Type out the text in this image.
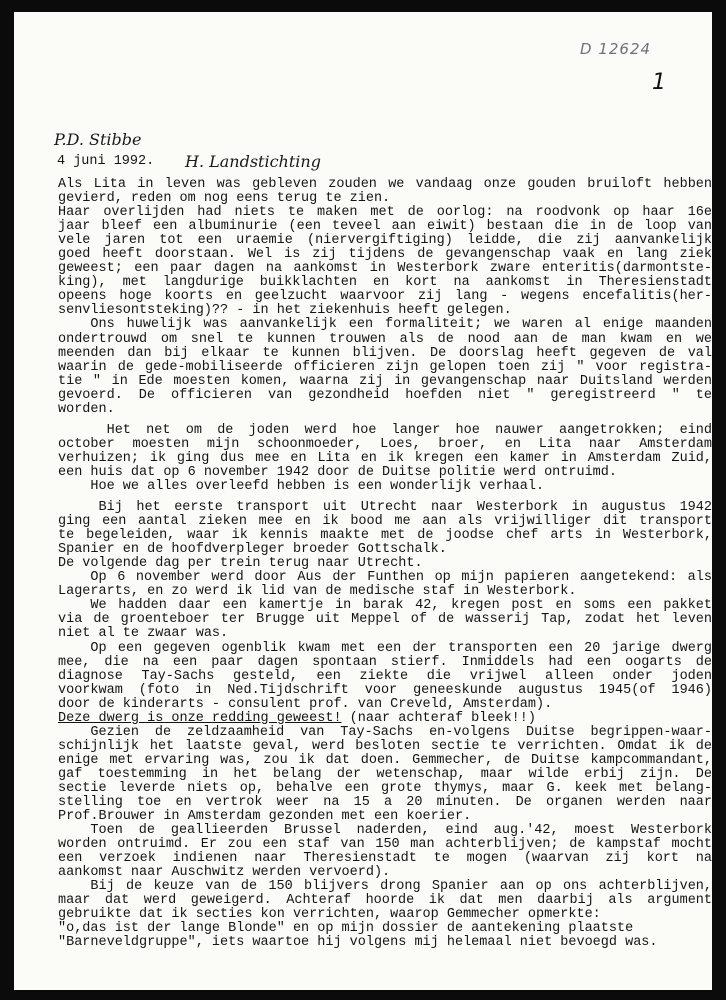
D 12624
1
P.D. Stibbe
4 juni 1992. H. Landstichting
Als Lita in leven was gebleven zouden we vandaag onze gouden bruiloft hebben
gevierd, reden om nog eens terug te zien.
Haar overlijden had niets te maken met de oorlog: na roodvonk op haar 16e
jaar bleef een albuminurie (een teveel aan eiwit) bestaan die in de loop van
vele jaren tot een uraemie (niervergiftiging) leidde, die zij aanvankelijk
goed heeft doorstaan. Wel is zij tijdens de gevangenschap vaak en lang ziek
geweest; een paar dagen na aankomst in Westerbork zware enteritis(darmontste-
king), met langdurige buikklachten en kort na aankomst in Theresienstadt
opeens hoge koorts en geelzucht waarvoor zij lang - wegens encefalitis(her-
senvliesontsteking)?? - in het ziekenhuis heeft gelegen.
Ons huwelijk was aanvankelijk een formaliteit; we waren al enige maanden
ondertrouwd om snel te kunnen trouwen als de nood aan de man kwam en we
meenden dan bij elkaar te kunnen blijven. De doorslag heeft gegeven de val
waarin de gede-mobiliseerde officieren zijn gelopen toen zij " voor registra-
tie " in Ede moesten komen, waarna zij in gevangenschap naar Duitsland werden
gevoerd. De officieren van gezondheid hoefden niet " geregistreerd " te
worden.
Het net om de joden werd hoe langer hoe nauwer aangetrokken; eind
october moesten mijn schoonmoeder, Loes, broer, en Lita naar Amsterdam
verhuizen; ik ging dus mee en Lita en ik kregen een kamer in Amsterdam Zuid,
een huis dat op 6 november 1942 door de Duitse politie werd ontruimd.
Hoe we alles overleefd hebben is een wonderlijk verhaal.
Bij het eerste transport uit Utrecht naar Westerbork in augustus 1942
ging een aantal zieken mee en ik bood me aan als vrijwilliger dit transport
te begeleiden, waar ik kennis maakte met de joodse chef arts in Westerbork,
Spanier en de hoofdverpleger broeder Gottschalk.
De volgende dag per trein terug naar Utrecht.
Op 6 november werd door Aus der Funthen op mijn papieren aangetekend: als
Lagerarts, en zo werd ik lid van de medische staf in Westerbork.
We hadden daar een kamertje in barak 42, kregen post en soms een pakket
via de groenteboer ter Brugge uit Meppel of de wasserij Tap, zodat het leven
niet al te zwaar was.
Op een gegeven ogenblik kwam met een der transporten een 20 jarige dwerg
mee, die na een paar dagen spontaan stierf. Inmiddels had een oogarts de
diagnose Tay-Sachs gesteld, een ziekte die vrijwel alleen onder joden
voorkwam (foto in Ned.Tijdschrift voor geneeskunde augustus 1945(of 1946)
door de kinderarts - consulent prof. van Creveld, Amsterdam).
Deze dwerg is onze redding geweest! (naar achteraf bleek!!)
Gezien de zeldzaamheid van Tay-Sachs en-volgens Duitse begrippen-waar-
schijnlijk het laatste geval, werd besloten sectie te verrichten. Omdat ik de
enige met ervaring was, zou ik dat doen. Gemmecher, de Duitse kampcommandant,
gaf toestemming in het belang der wetenschap, maar wilde erbij zijn. De
sectie leverde niets op, behalve een grote thymys, maar G. keek met belang-
stelling toe en vertrok weer na 15 a 20 minuten. De organen werden naar
Prof.Brouwer in Amsterdam gezonden met een koerier.
Toen de geallieerden Brussel naderden, eind aug.'42, moest Westerbork
worden ontruimd. Er zou een staf van 150 man achterblijven; de kampstaf mocht
een verzoek indienen naar Theresienstadt te mogen (waarvan zij kort na
aankomst naar Auschwitz werden vervoerd).
Bij de keuze van de 150 blijvers drong Spanier aan op ons achterblijven,
maar dat werd geweigerd. Achteraf hoorde ik dat men daarbij als argument
gebruikte dat ik secties kon verrichten, waarop Gemmecher opmerkte:
"o,das ist der lange Blonde" en op mijn dossier de aantekening plaatste
"Barneveldgruppe", iets waartoe hij volgens mij helemaal niet bevoegd was.
